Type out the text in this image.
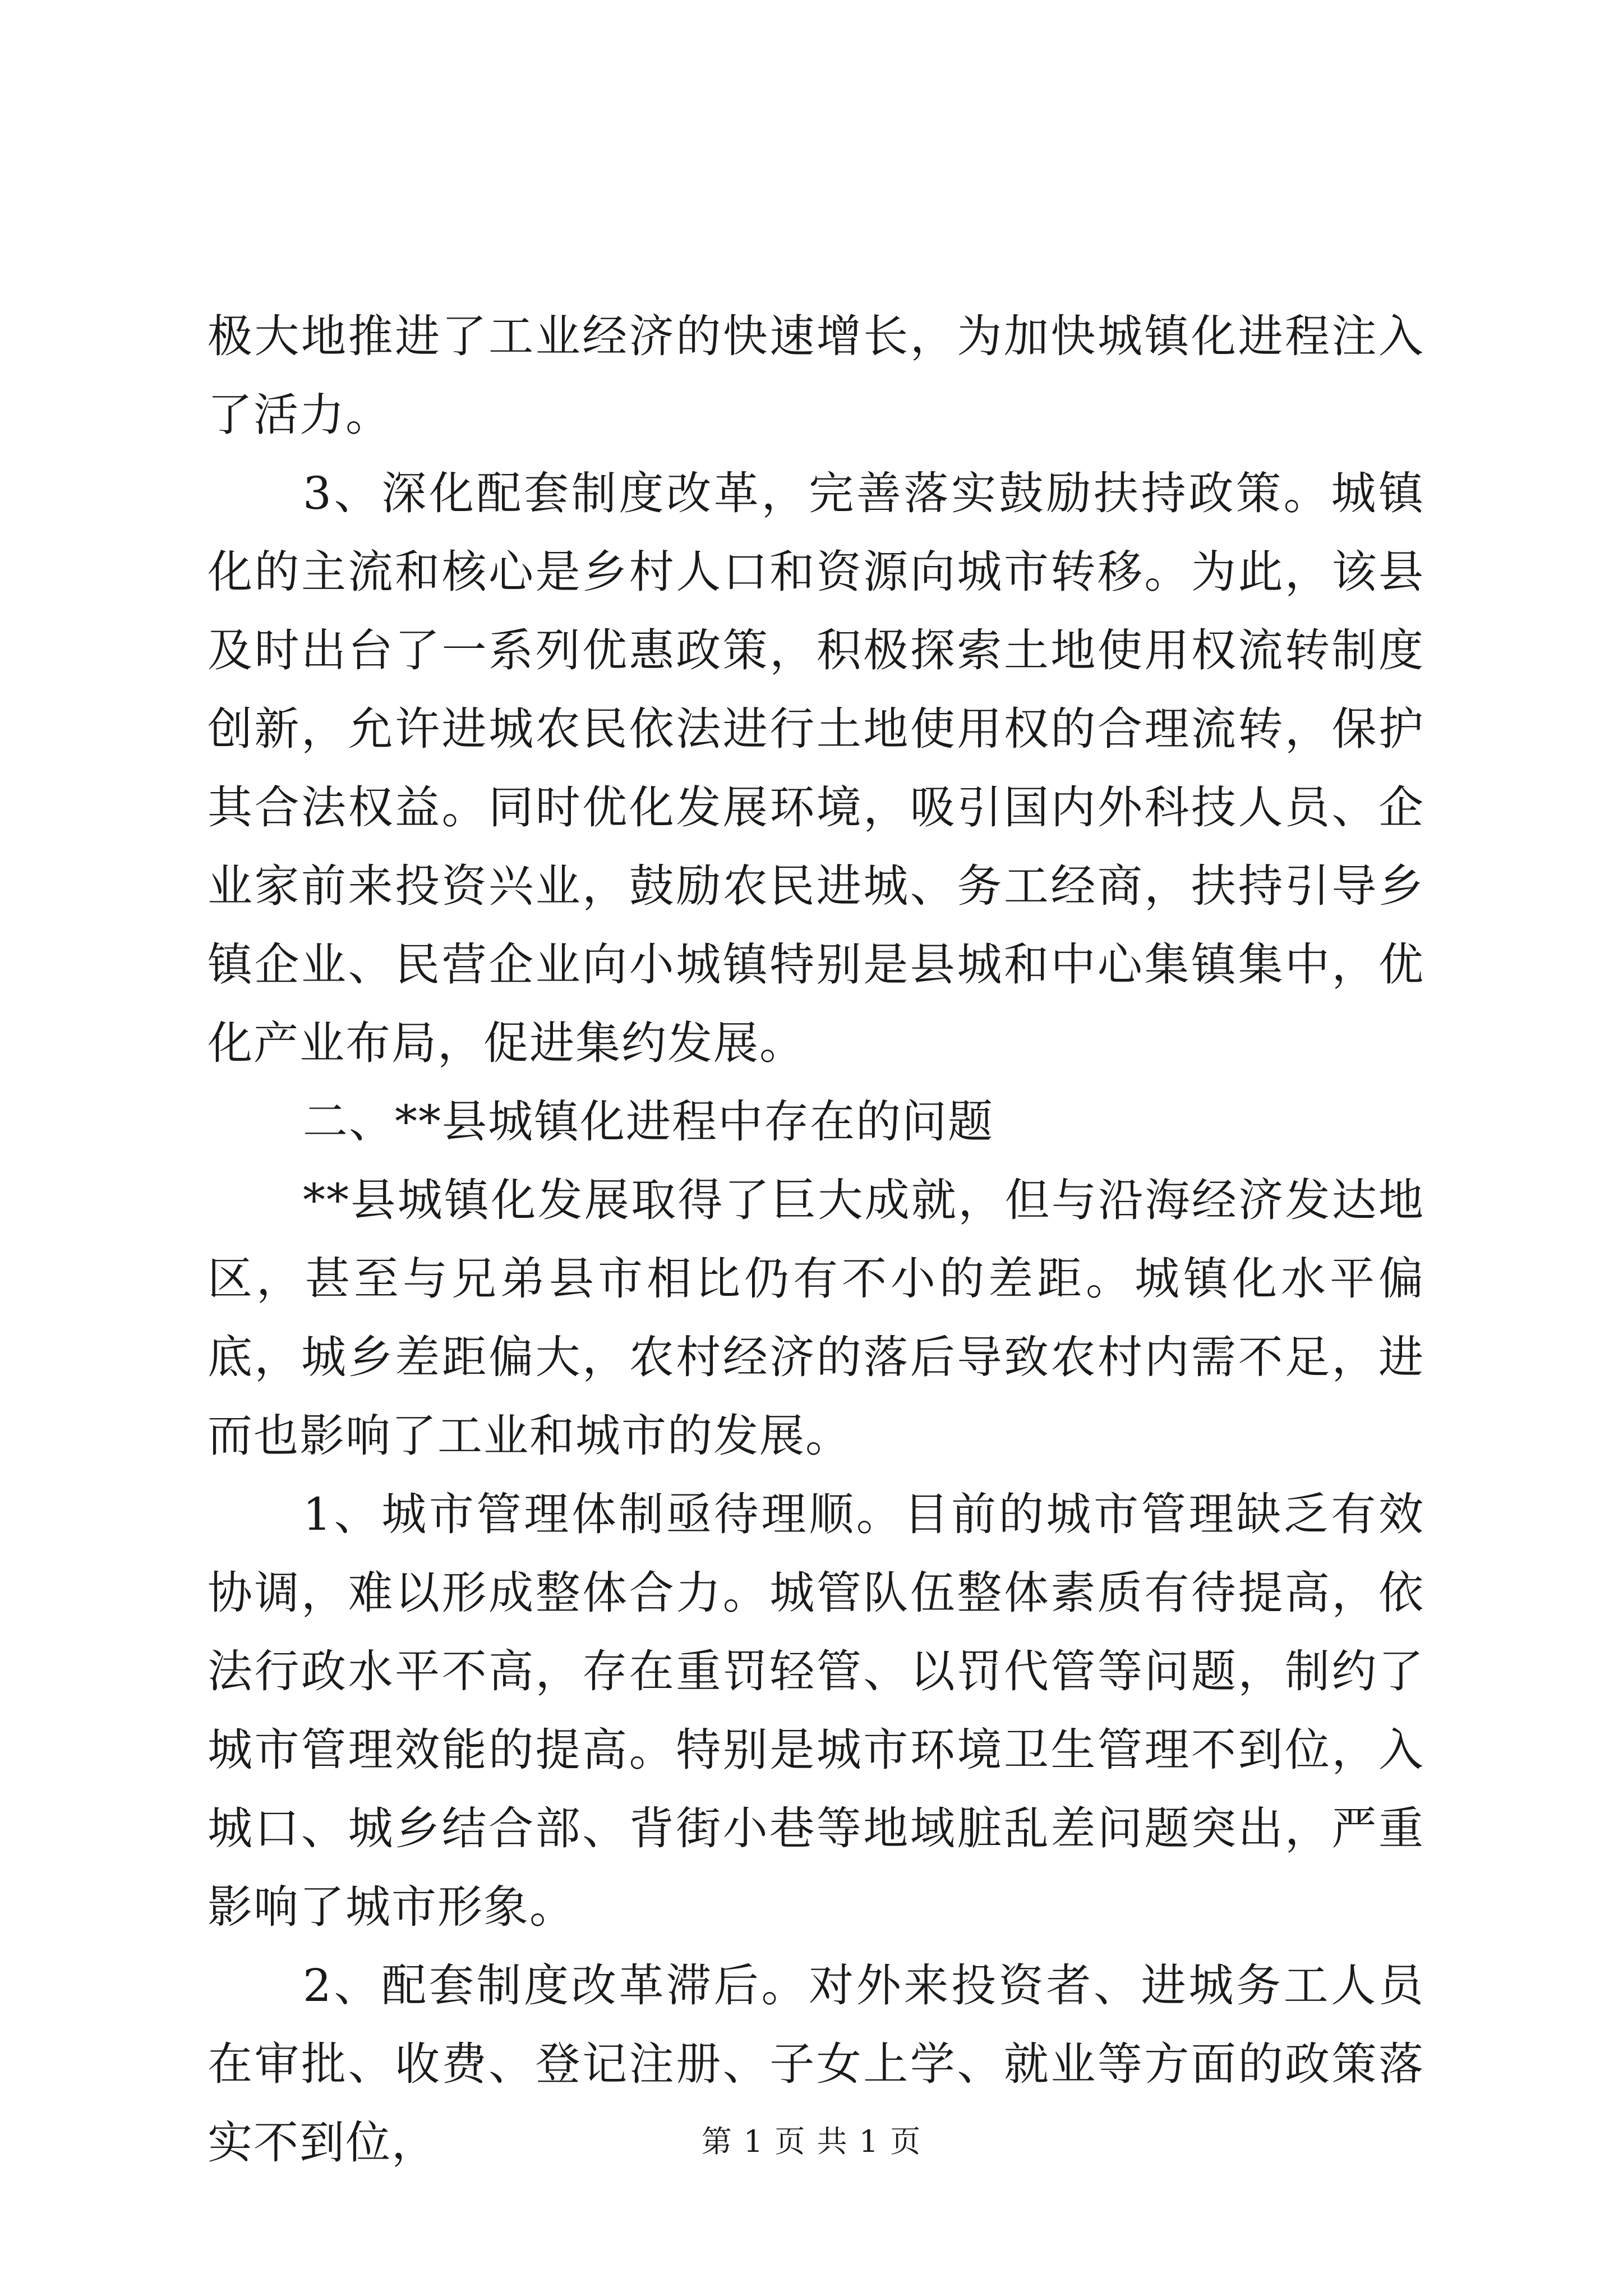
极大地推进了工业经济的快速增长，为加快城镇化进程注入了活力。

3、深化配套制度改革，完善落实鼓励扶持政策。城镇化的主流和核心是乡村人口和资源向城市转移。为此，该县及时出台了一系列优惠政策，积极探索土地使用权流转制度创新，允许进城农民依法进行土地使用权的合理流转，保护其合法权益。同时优化发展环境，吸引国内外科技人员、企业家前来投资兴业，鼓励农民进城、务工经商，扶持引导乡镇企业、民营企业向小城镇特别是县城和中心集镇集中，优化产业布局，促进集约发展。

二、**县城镇化进程中存在的问题

**县城镇化发展取得了巨大成就，但与沿海经济发达地区，甚至与兄弟县市相比仍有不小的差距。城镇化水平偏底，城乡差距偏大，农村经济的落后导致农村内需不足，进而也影响了工业和城市的发展。

1、城市管理体制亟待理顺。目前的城市管理缺乏有效协调，难以形成整体合力。城管队伍整体素质有待提高，依法行政水平不高，存在重罚轻管、以罚代管等问题，制约了城市管理效能的提高。特别是城市环境卫生管理不到位，入城口、城乡结合部、背街小巷等地域脏乱差问题突出，严重影响了城市形象。

2、配套制度改革滞后。对外来投资者、进城务工人员在审批、收费、登记注册、子女上学、就业等方面的政策落实不到位，	第 1 页 共 1 页
